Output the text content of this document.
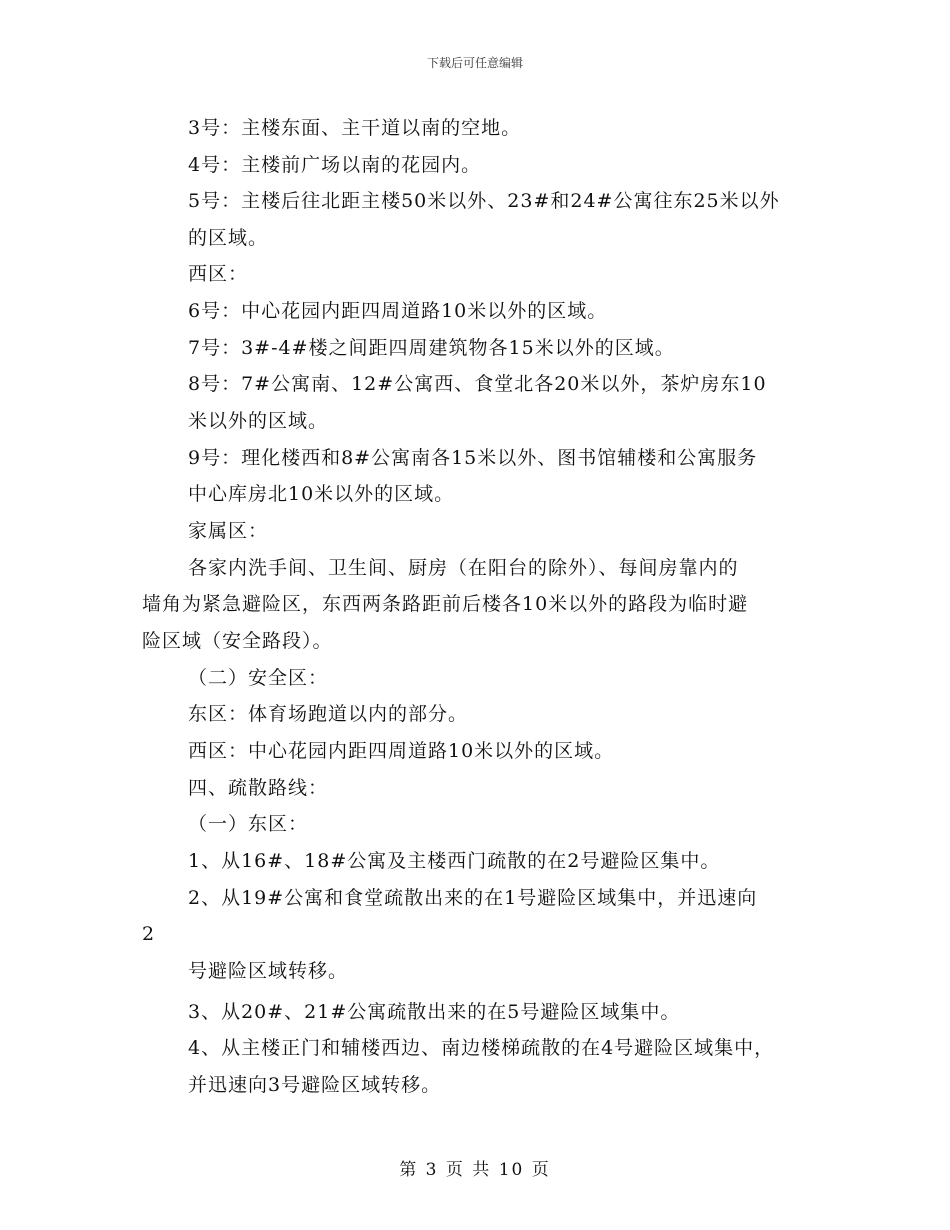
下载后可任意编辑
3号：主楼东面、主干道以南的空地。
4号：主楼前广场以南的花园内。
5号：主楼后往北距主楼50米以外、23#和24#公寓往东25米以外
的区域。
西区：
6号：中心花园内距四周道路10米以外的区域。
7号：3#-4#楼之间距四周建筑物各15米以外的区域。
8号：7#公寓南、12#公寓西、食堂北各20米以外，茶炉房东10
米以外的区域。
9号：理化楼西和8#公寓南各15米以外、图书馆辅楼和公寓服务
中心库房北10米以外的区域。
家属区：
各家内洗手间、卫生间、厨房（在阳台的除外）、每间房靠内的
墙角为紧急避险区，东西两条路距前后楼各10米以外的路段为临时避
险区域（安全路段）。
（二）安全区：
东区：体育场跑道以内的部分。
西区：中心花园内距四周道路10米以外的区域。
四、疏散路线：
（一）东区：
1、从16#、18#公寓及主楼西门疏散的在2号避险区集中。
2、从19#公寓和食堂疏散出来的在1号避险区域集中，并迅速向
2
号避险区域转移。
3、从20#、21#公寓疏散出来的在5号避险区域集中。
4、从主楼正门和辅楼西边、南边楼梯疏散的在4号避险区域集中，
并迅速向3号避险区域转移。
第 3 页 共 10 页
